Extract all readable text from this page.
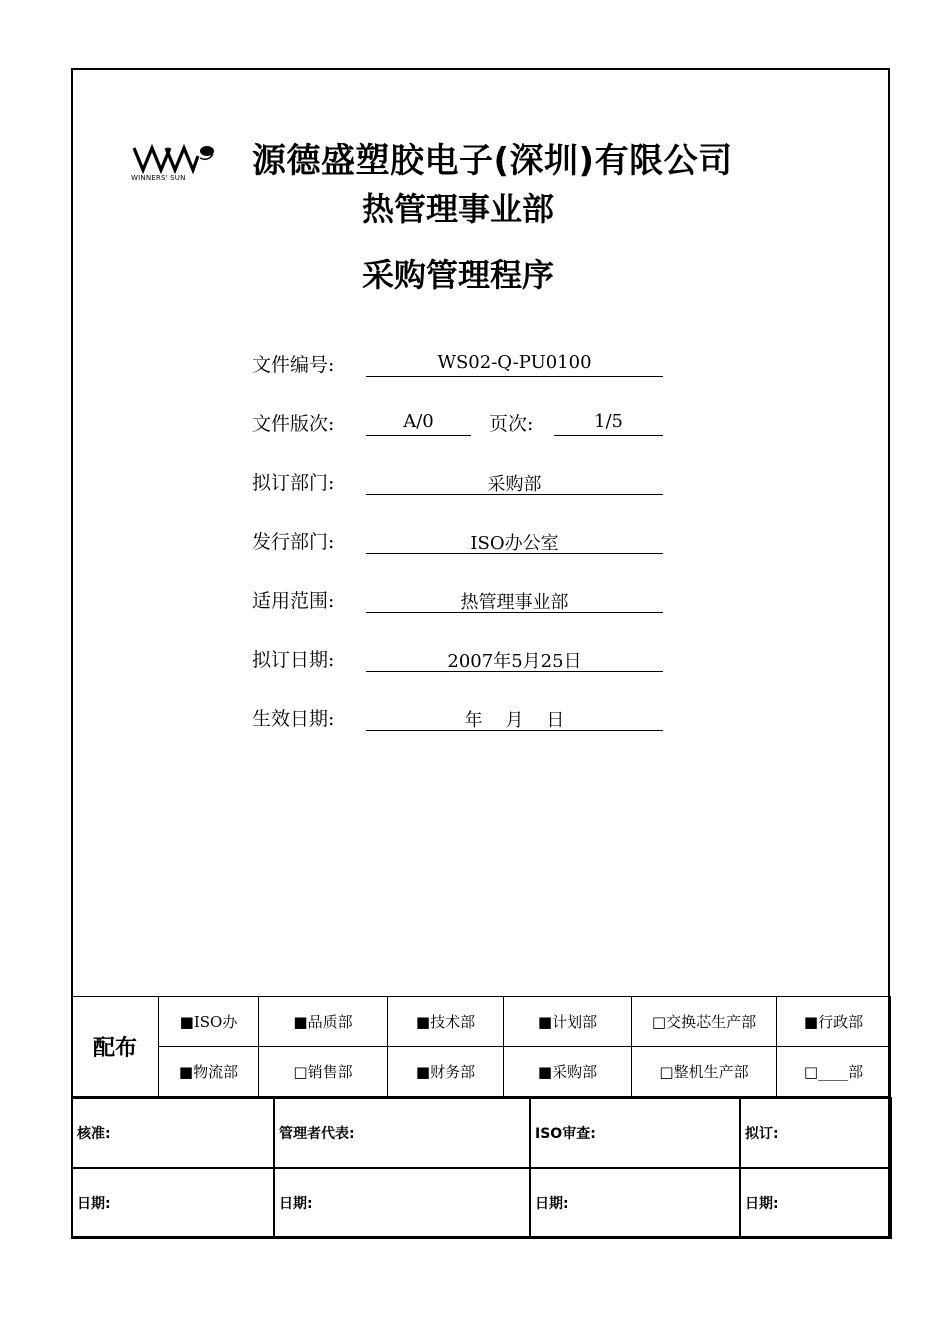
WINNERS' SUN	源德盛塑胶电子(深圳)有限公司
热管理事业部
采购管理程序
文件编号:	WS02-Q-PU0100
文件版次:	A/0	页次:	1/5
拟订部门:	采购部
发行部门:	ISO办公室
适用范围:	热管理事业部
拟订日期:	2007年5月25日
生效日期:	年    月    日
配布	■ISO办	■品质部	■技术部	■计划部	□交换芯生产部	■行政部
	■物流部	□销售部	■财务部	■采购部	□整机生产部	□____部
核准:	管理者代表:	ISO审查:	拟订:
日期:	日期:	日期:	日期:
